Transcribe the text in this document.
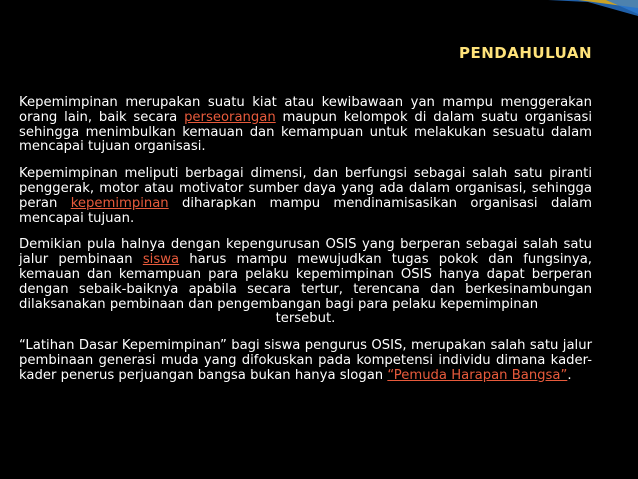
PENDAHULUAN

Kepemimpinan merupakan suatu kiat atau kewibawaan yan mampu menggerakan orang lain, baik secara perseorangan maupun kelompok di dalam suatu organisasi sehingga menimbulkan kemauan dan kemampuan untuk melakukan sesuatu dalam mencapai tujuan organisasi.

Kepemimpinan meliputi berbagai dimensi, dan berfungsi sebagai salah satu piranti penggerak, motor atau motivator sumber daya yang ada dalam organisasi, sehingga peran kepemimpinan diharapkan mampu mendinamisasikan organisasi dalam mencapai tujuan.

Demikian pula halnya dengan kepengurusan OSIS yang berperan sebagai salah satu jalur pembinaan siswa harus mampu mewujudkan tugas pokok dan fungsinya, kemauan dan kemampuan para pelaku kepemimpinan OSIS hanya dapat berperan dengan sebaik-baiknya apabila secara tertur, terencana dan berkesinambungan dilaksanakan pembinaan dan pengembangan bagi para pelaku kepemimpinan
tersebut.

“Latihan Dasar Kepemimpinan” bagi siswa pengurus OSIS, merupakan salah satu jalur pembinaan generasi muda yang difokuskan pada kompetensi individu dimana kader-kader penerus perjuangan bangsa bukan hanya slogan “Pemuda Harapan Bangsa”.
